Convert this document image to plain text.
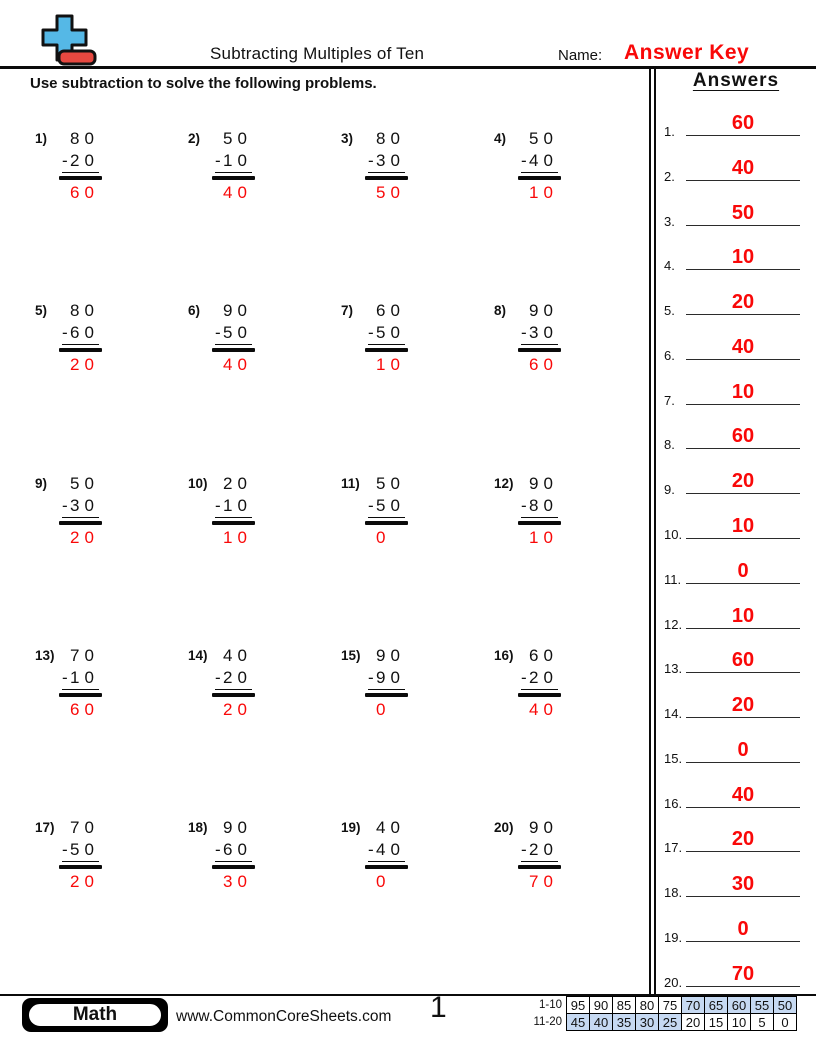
Subtracting Multiples of Ten	Name: Answer Key
Use subtraction to solve the following problems.
1)	80
- 20
60
2)	50
- 10
40
3)	80
- 30
50
4)	50
- 40
10
5)	80
- 60
20
6)	90
- 50
40
7)	60
- 50
10
8)	90
- 30
60
9)	50
- 30
20
10) 20
- 10
10
11) 50
- 50
0
12) 90
- 80
10
13) 70
- 10
60
14) 40
- 20
20
15) 90
- 90
0
16) 60
- 20
40
17) 70
- 50
20
18) 90
- 60
30
19) 40
- 40
0
20) 90
- 20
70
Answers
1.	60
2.	40
3.	50
4.	10
5.	20
6.	40
7.	10
8.	60
9.	20
10.	10
11.	0
12.	10
13.	60
14.	20
15.	0
16.	40
17.	20
18.	30
19.	0
20.	70
Math	www.CommonCoreSheets.com 1	1-10	95	90	85	80	75	70	65	60	55	50
11-20	45	40	35	30	25	20	15	10	5	0
